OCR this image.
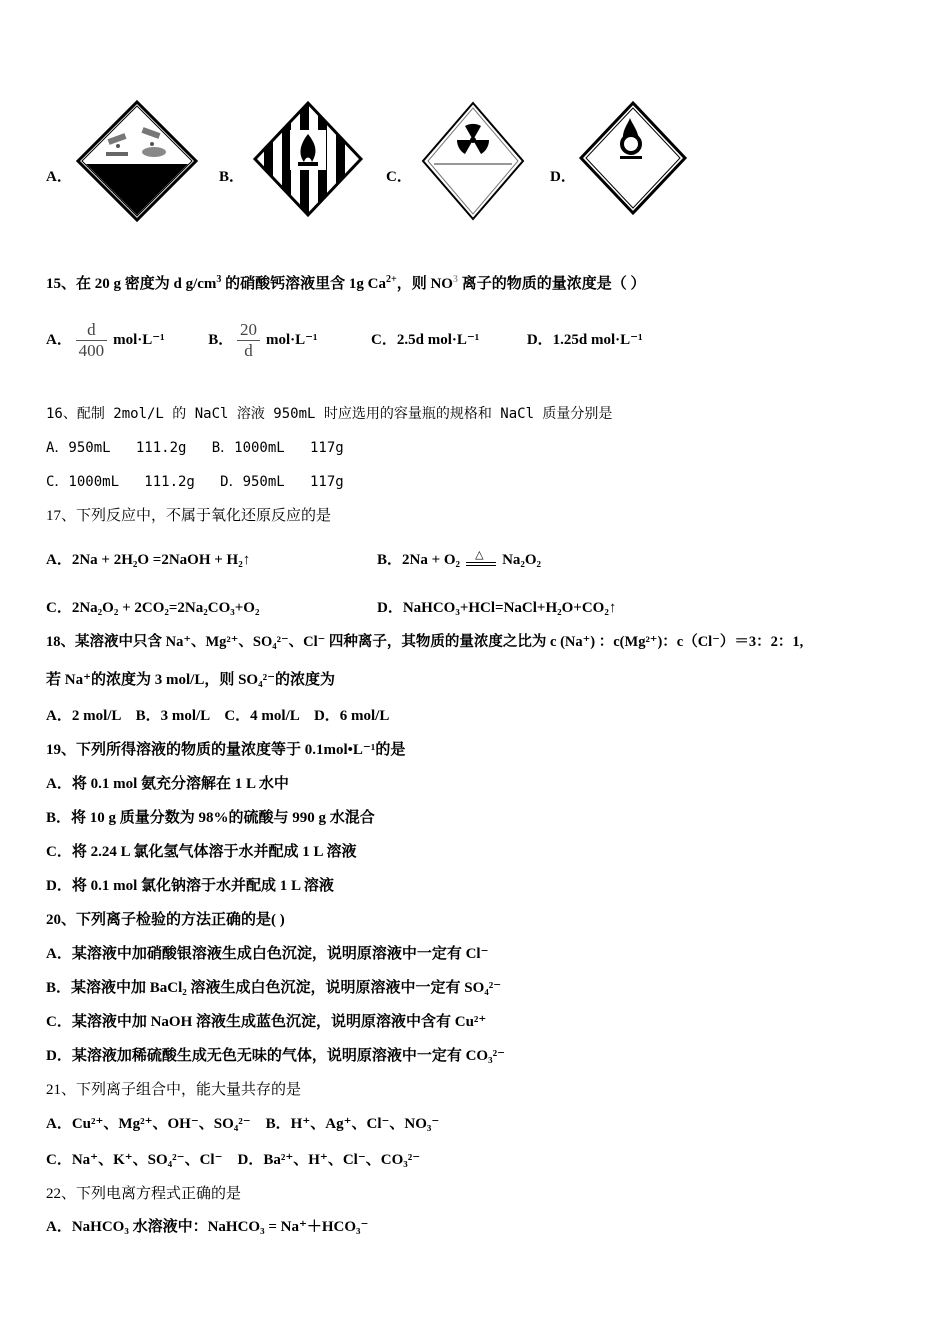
A．	B．	C．	D．
15、在 20 g 密度为 d $g/cm^3$ 的硝酸钙溶液里含 1g $Ca^{2+}$，则 $NO^3$ 离子的物质的量浓度是（ ）
A． $\frac{d}{400} mol\cdot L^{-1}$	B． $\frac{20}{d} mol\cdot L^{-1}$	C．2.5d mol·L⁻¹	D．1.25d mol·L⁻¹
16、配制 2mol/L 的 NaCl 溶液 950mL 时应选用的容量瓶的规格和 NaCl 质量分别是
A．950mL   111.2g   B．1000mL   117g
C．1000mL   111.2g   D．950mL   117g
17、下列反应中，不属于氧化还原反应的是
A．2Na + 2H₂O =2NaOH + H₂↑	B．2Na + O₂ △ Na₂O₂
C．2Na₂O₂ + 2CO₂=2Na₂CO₃+O₂	D．NaHCO₃+HCl=NaCl+H₂O+CO₂↑
18、某溶液中只含 Na⁺、Mg²⁺、SO₄²⁻、Cl⁻ 四种离子，其物质的量浓度之比为 c (Na⁺) ：c(Mg²⁺)：c（Cl⁻）＝3：2：1,
若 Na⁺的浓度为 3 mol/L，则 SO₄²⁻的浓度为
A．2 mol/L    B．3 mol/L    C．4 mol/L    D．6 mol/L
19、下列所得溶液的物质的量浓度等于 0.1mol•L⁻¹的是
A．将 0.1 mol 氨充分溶解在 1 L 水中
B．将 10 g 质量分数为 98%的硫酸与 990 g 水混合
C．将 2.24 L 氯化氢气体溶于水并配成 1 L 溶液
D．将 0.1 mol 氯化钠溶于水并配成 1 L 溶液
20、下列离子检验的方法正确的是( )
A．某溶液中加硝酸银溶液生成白色沉淀，说明原溶液中一定有 Cl⁻
B．某溶液中加 BaCl₂ 溶液生成白色沉淀，说明原溶液中一定有 SO₄²⁻
C．某溶液中加 NaOH 溶液生成蓝色沉淀，说明原溶液中含有 Cu²⁺
D．某溶液加稀硫酸生成无色无味的气体，说明原溶液中一定有 CO₃²⁻
21、下列离子组合中，能大量共存的是
A．Cu²⁺、Mg²⁺、OH⁻、SO₄²⁻    B．H⁺、Ag⁺、Cl⁻、NO₃⁻
C．Na⁺、K⁺、SO₄²⁻、Cl⁻    D．Ba²⁺、H⁺、Cl⁻、CO₃²⁻
22、下列电离方程式正确的是
A．NaHCO₃ 水溶液中：NaHCO₃ = Na⁺＋HCO₃⁻
